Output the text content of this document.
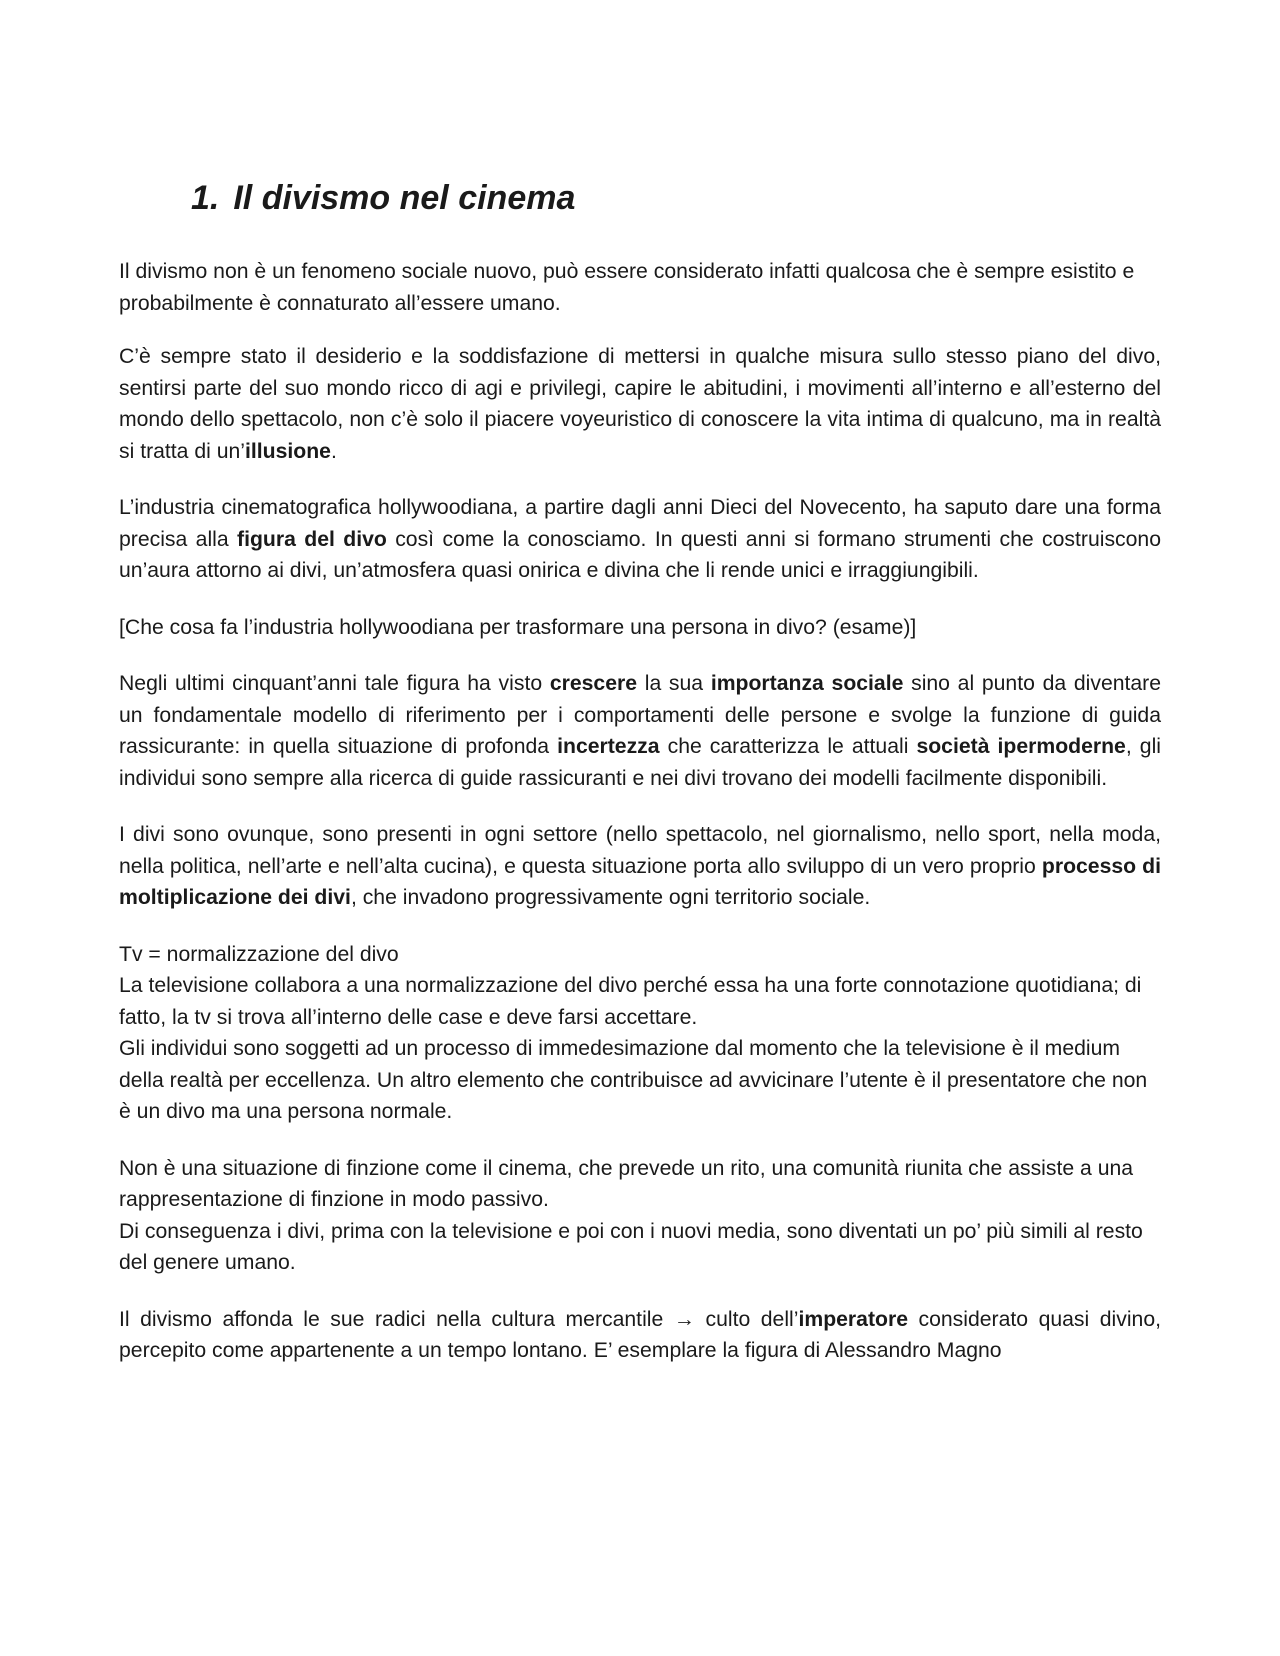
1. Il divismo nel cinema

Il divismo non è un fenomeno sociale nuovo, può essere considerato infatti qualcosa che è sempre esistito e probabilmente è connaturato all’essere umano.

C’è sempre stato il desiderio e la soddisfazione di mettersi in qualche misura sullo stesso piano del divo, sentirsi parte del suo mondo ricco di agi e privilegi, capire le abitudini, i movimenti all’interno e all’esterno del mondo dello spettacolo, non c’è solo il piacere voyeuristico di conoscere la vita intima di qualcuno, ma in realtà si tratta di un’illusione.

L’industria cinematografica hollywoodiana, a partire dagli anni Dieci del Novecento, ha saputo dare una forma precisa alla figura del divo così come la conosciamo. In questi anni si formano strumenti che costruiscono un’aura attorno ai divi, un’atmosfera quasi onirica e divina che li rende unici e irraggiungibili.

[Che cosa fa l’industria hollywoodiana per trasformare una persona in divo? (esame)]

Negli ultimi cinquant’anni tale figura ha visto crescere la sua importanza sociale sino al punto da diventare un fondamentale modello di riferimento per i comportamenti delle persone e svolge la funzione di guida rassicurante: in quella situazione di profonda incertezza che caratterizza le attuali società ipermoderne, gli individui sono sempre alla ricerca di guide rassicuranti e nei divi trovano dei modelli facilmente disponibili.

I divi sono ovunque, sono presenti in ogni settore (nello spettacolo, nel giornalismo, nello sport, nella moda, nella politica, nell’arte e nell’alta cucina), e questa situazione porta allo sviluppo di un vero proprio processo di moltiplicazione dei divi, che invadono progressivamente ogni territorio sociale.

Tv = normalizzazione del divo

La televisione collabora a una normalizzazione del divo perché essa ha una forte connotazione quotidiana; di fatto, la tv si trova all’interno delle case e deve farsi accettare.

Gli individui sono soggetti ad un processo di immedesimazione dal momento che la televisione è il medium della realtà per eccellenza. Un altro elemento che contribuisce ad avvicinare l’utente è il presentatore che non è un divo ma una persona normale.

Non è una situazione di finzione come il cinema, che prevede un rito, una comunità riunita che assiste a una rappresentazione di finzione in modo passivo.

Di conseguenza i divi, prima con la televisione e poi con i nuovi media, sono diventati un po’ più simili al resto del genere umano.

Il divismo affonda le sue radici nella cultura mercantile → culto dell’imperatore considerato quasi divino, percepito come appartenente a un tempo lontano. E’ esemplare la figura di Alessandro Magno
